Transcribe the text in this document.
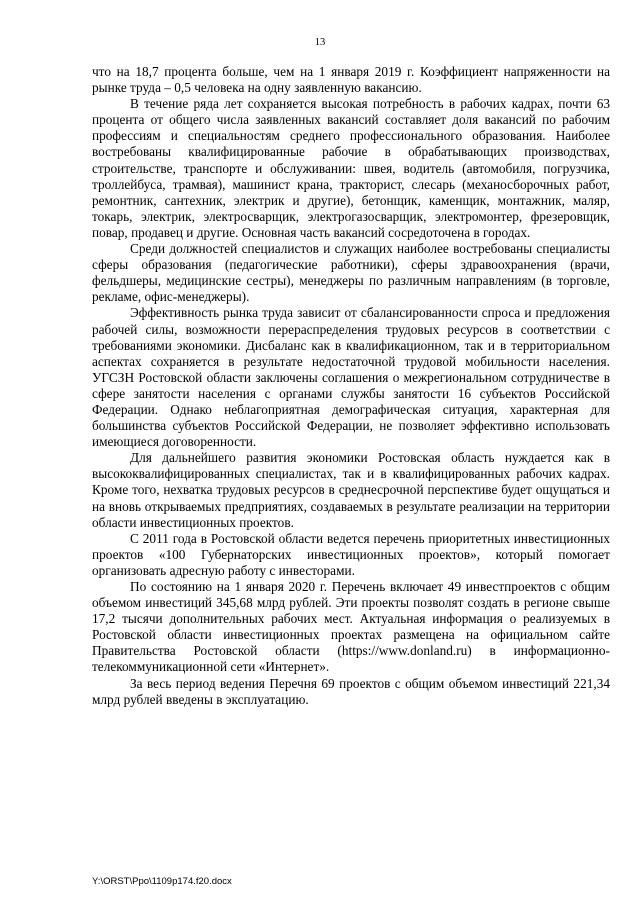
13

что на 18,7 процента больше, чем на 1 января 2019 г. Коэффициент напряженности на рынке труда – 0,5 человека на одну заявленную вакансию.

В течение ряда лет сохраняется высокая потребность в рабочих кадрах, почти 63 процента от общего числа заявленных вакансий составляет доля вакансий по рабочим профессиям и специальностям среднего профессионального образования. Наиболее востребованы квалифицированные рабочие в обрабатывающих производствах, строительстве, транспорте и обслуживании: швея, водитель (автомобиля, погрузчика, троллейбуса, трамвая), машинист крана, тракторист, слесарь (механосборочных работ, ремонтник, сантехник, электрик и другие), бетонщик, каменщик, монтажник, маляр, токарь, электрик, электросварщик, электрогазосварщик, электромонтер, фрезеровщик, повар, продавец и другие. Основная часть вакансий сосредоточена в городах.

Среди должностей специалистов и служащих наиболее востребованы специалисты сферы образования (педагогические работники), сферы здравоохранения (врачи, фельдшеры, медицинские сестры), менеджеры по различным направлениям (в торговле, рекламе, офис-менеджеры).

Эффективность рынка труда зависит от сбалансированности спроса и предложения рабочей силы, возможности перераспределения трудовых ресурсов в соответствии с требованиями экономики. Дисбаланс как в квалификационном, так и в территориальном аспектах сохраняется в результате недостаточной трудовой мобильности населения. УГСЗН Ростовской области заключены соглашения о межрегиональном сотрудничестве в сфере занятости населения с органами службы занятости 16 субъектов Российской Федерации. Однако неблагоприятная демографическая ситуация, характерная для большинства субъектов Российской Федерации, не позволяет эффективно использовать имеющиеся договоренности.

Для дальнейшего развития экономики Ростовская область нуждается как в высококвалифицированных специалистах, так и в квалифицированных рабочих кадрах. Кроме того, нехватка трудовых ресурсов в среднесрочной перспективе будет ощущаться и на вновь открываемых предприятиях, создаваемых в результате реализации на территории области инвестиционных проектов.

С 2011 года в Ростовской области ведется перечень приоритетных инвестиционных проектов «100 Губернаторских инвестиционных проектов», который помогает организовать адресную работу с инвесторами.

По состоянию на 1 января 2020 г. Перечень включает 49 инвестпроектов с общим объемом инвестиций 345,68 млрд рублей. Эти проекты позволят создать в регионе свыше 17,2 тысячи дополнительных рабочих мест. Актуальная информация о реализуемых в Ростовской области инвестиционных проектах размещена на официальном сайте Правительства Ростовской области (https://www.donland.ru) в информационно-телекоммуникационной сети «Интернет».

За весь период ведения Перечня 69 проектов с общим объемом инвестиций 221,34 млрд рублей введены в эксплуатацию.

Y:\ORST\Ppo\1109p174.f20.docx
